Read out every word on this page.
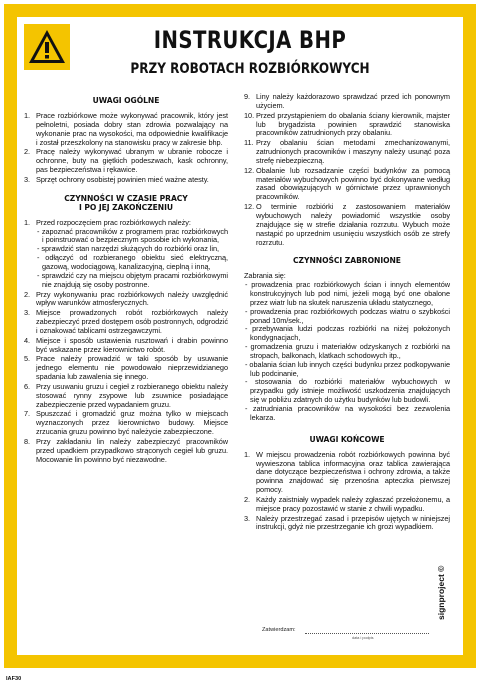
INSTRUKCJA BHP
PRZY ROBOTACH ROZBIÓRKOWYCH
UWAGI OGÓLNE
1. Prace rozbiórkowe może wykonywać pracownik, który jest pełnoletni, posiada dobry stan zdrowia pozwalający na wykonanie prac na wysokości, ma odpowiednie kwalifikacje i został przeszkolony na stanowisku pracy w zakresie bhp.
2. Pracę należy wykonywać ubranym w ubranie robocze i ochronne, buty na giętkich podeszwach, kask ochronny, pas bezpieczeństwa i rękawice.
3. Sprzęt ochrony osobistej powinien mieć ważne atesty.
CZYNNOŚCI W CZASIE PRACY
I PO JEJ ZAKOŃCZENIU
1. Przed rozpoczęciem prac rozbiórkowych należy:
- zapoznać pracowników z programem prac rozbiórkowych i poinstruować o bezpiecznym sposobie ich wykonania,
- sprawdzić stan narzędzi służących do rozbiórki oraz lin,
- odłączyć od rozbieranego obiektu sieć elektryczną, gazową, wodociągową, kanalizacyjną, cieplną i inną,
- sprawdzić czy na miejscu objętym pracami rozbiórkowymi nie znajdują się osoby postronne.
2. Przy wykonywaniu prac rozbiórkowych należy uwzględnić wpływ warunków atmosferycznych.
3. Miejsce prowadzonych robót rozbiórkowych należy zabezpieczyć przed dostępem osób postronnych, odgrodzić i oznakować tablicami ostrzegawczymi.
4. Miejsce i sposób ustawienia rusztowań i drabin powinno być wskazane przez kierownictwo robót.
5. Prace należy prowadzić w taki sposób by usuwanie jednego elementu nie powodowało nieprzewidzianego spadania lub zawalenia się innego.
6. Przy usuwaniu gruzu i cegieł z rozbieranego obiektu należy stosować rynny zsypowe lub zsuwnice posiadające zabezpieczenie przed wypadaniem gruzu.
7. Spuszczać i gromadzić gruz można tylko w miejscach wyznaczonych przez kierownictwo budowy. Miejsce zrzucania gruzu powinno być należycie zabezpieczone.
8. Przy zakładaniu lin należy zabezpieczyć pracowników przed upadkiem przypadkowo strąconych cegieł lub gruzu. Mocowanie lin powinno być niezawodne.
9. Liny należy każdorazowo sprawdzać przed ich ponownym użyciem.
10. Przed przystąpieniem do obalania ściany kierownik, majster lub brygadzista powinien sprawdzić stanowiska pracowników zatrudnionych przy obalaniu.
11. Przy obalaniu ścian metodami zmechanizowanymi, zatrudnionych pracowników i maszyny należy usunąć poza strefę niebezpieczną.
12. Obalanie lub rozsadzanie części budynków za pomocą materiałów wybuchowych powinno być dokonywane według zasad obowiązujących w górnictwie przez uprawnionych pracowników.
12. O terminie rozbiórki z zastosowaniem materiałów wybuchowych należy powiadomić wszystkie osoby znajdujące się w strefie działania rozrzutu. Wybuch może nastąpić po uprzednim usunięciu wszystkich osób ze strefy rozrzutu.
CZYNNOŚCI ZABRONIONE

Zabrania się:

- prowadzenia prac rozbiórkowych ścian i innych elementów konstrukcyjnych lub pod nimi, jeżeli mogą być one obalone przez wiatr lub na skutek naruszenia układu statycznego,
- prowadzenia prac rozbiórkowych podczas wiatru o szybkości ponad 10m/sek.,
- przebywania ludzi podczas rozbiórki na niżej położonych kondygnacjach,
- gromadzenia gruzu i materiałów odzyskanych z rozbiórki na stropach, balkonach, klatkach schodowych itp.,
- obalania ścian lub innych części budynku przez podkopywanie lub podcinanie,
- stosowania do rozbiórki materiałów wybuchowych w przypadku gdy istnieje możliwość uszkodzenia znajdujących się w pobliżu zdatnych do użytku budynków lub budowli.
- zatrudniania pracowników na wysokości bez zezwolenia lekarza.
UWAGI KOŃCOWE
1. W miejscu prowadzenia robót rozbiórkowych powinna być wywieszona tablica informacyjna oraz tablica zawierająca dane dotyczące bezpieczeństwa i ochrony zdrowia, a także powinna znajdować się przenośna apteczka pierwszej pomocy.
2. Każdy zaistniały wypadek należy zgłaszać przełożonemu, a miejsce pracy pozostawić w stanie z chwili wypadku.
3. Należy przestrzegać zasad i przepisów ujętych w niniejszej instrukcji, gdyż nie przestrzeganie ich grozi wypadkiem.
Zatwierdzam:
data i podpis
signproject ©
IAF30
